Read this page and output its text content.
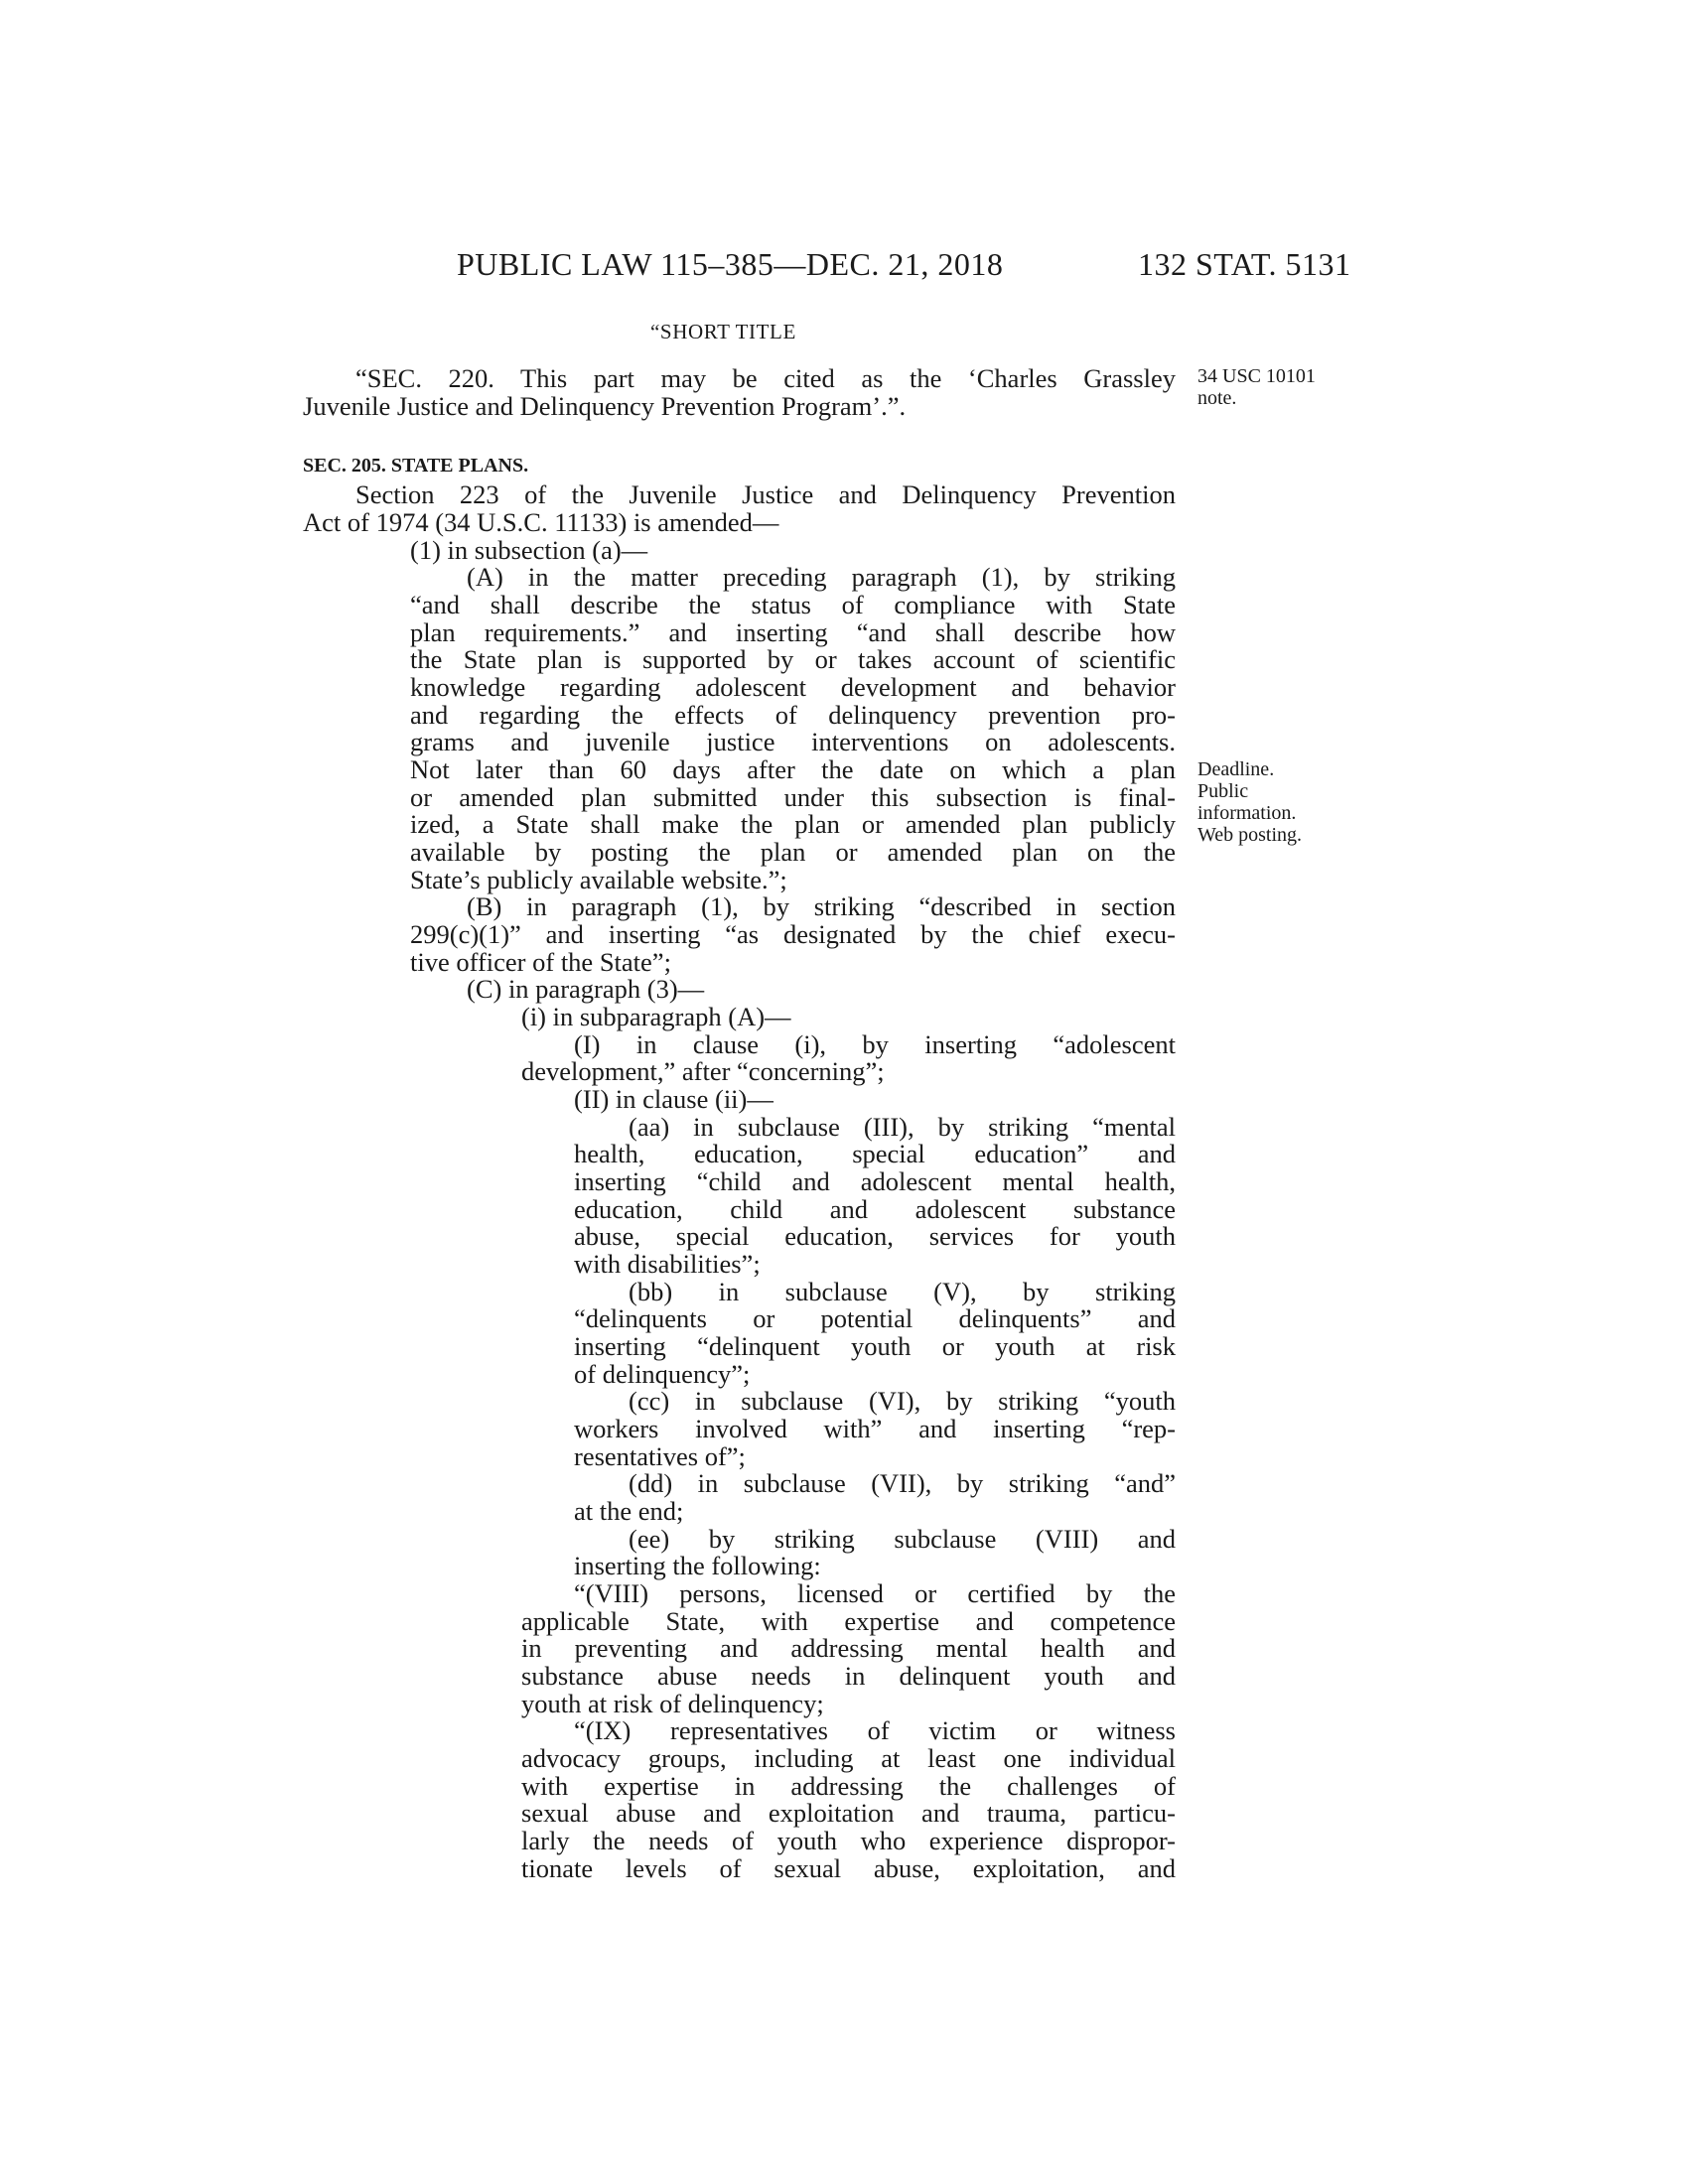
PUBLIC LAW 115–385—DEC. 21, 2018	132 STAT. 5131
“SHORT TITLE
34 USC 10101
note.
SEC. 205. STATE PLANS.
Deadline.
Public
information.
Web posting.
“SEC. 220. This part may be cited as the ‘Charles Grassley
Juvenile Justice and Delinquency Prevention Program’.”.
Section 223 of the Juvenile Justice and Delinquency Prevention
Act of 1974 (34 U.S.C. 11133) is amended—
(1) in subsection (a)—
(A) in the matter preceding paragraph (1), by striking
“and shall describe the status of compliance with State
plan requirements.” and inserting “and shall describe how
the State plan is supported by or takes account of scientific
knowledge regarding adolescent development and behavior
and regarding the effects of delinquency prevention pro-
grams and juvenile justice interventions on adolescents.
Not later than 60 days after the date on which a plan
or amended plan submitted under this subsection is final-
ized, a State shall make the plan or amended plan publicly
available by posting the plan or amended plan on the
State’s publicly available website.”;
(B) in paragraph (1), by striking “described in section
299(c)(1)” and inserting “as designated by the chief execu-
tive officer of the State”;
(C) in paragraph (3)—
(i) in subparagraph (A)—
(I) in clause (i), by inserting “adolescent
development,” after “concerning”;
(II) in clause (ii)—
(aa) in subclause (III), by striking “mental
health, education, special education” and
inserting “child and adolescent mental health,
education, child and adolescent substance
abuse, special education, services for youth
with disabilities”;
(bb) in subclause (V), by striking
“delinquents or potential delinquents” and
inserting “delinquent youth or youth at risk
of delinquency”;
(cc) in subclause (VI), by striking “youth
workers involved with” and inserting “rep-
resentatives of”;
(dd) in subclause (VII), by striking “and”
at the end;
(ee) by striking subclause (VIII) and
inserting the following:
“(VIII) persons, licensed or certified by the
applicable State, with expertise and competence
in preventing and addressing mental health and
substance abuse needs in delinquent youth and
youth at risk of delinquency;
“(IX) representatives of victim or witness
advocacy groups, including at least one individual
with expertise in addressing the challenges of
sexual abuse and exploitation and trauma, particu-
larly the needs of youth who experience dispropor-
tionate levels of sexual abuse, exploitation, and
